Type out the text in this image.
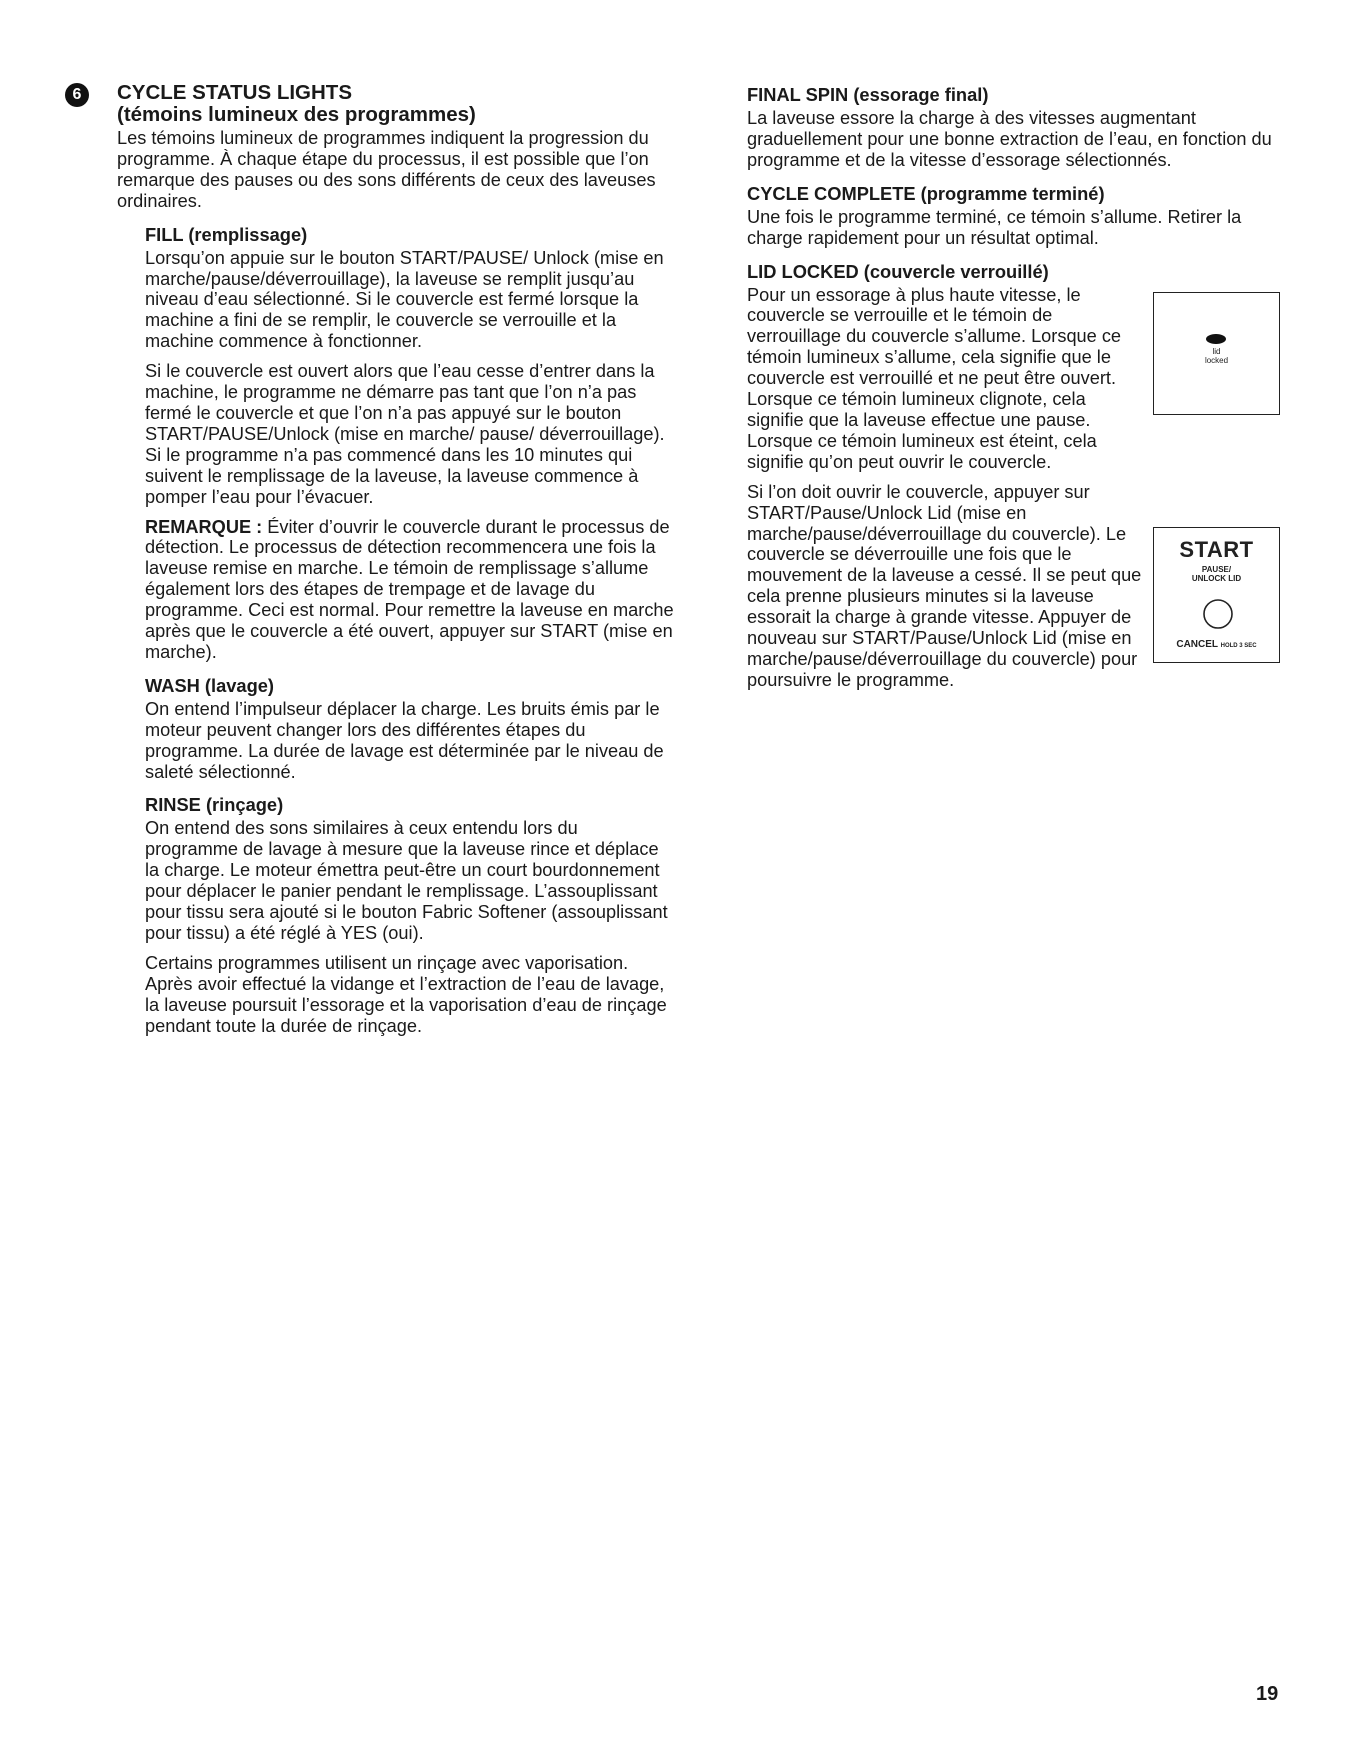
6	CYCLE STATUS LIGHTS
(témoins lumineux des programmes)

Les témoins lumineux de programmes indiquent la progression du programme. À chaque étape du processus, il est possible que l’on remarque des pauses ou des sons différents de ceux des laveuses ordinaires.

FILL (remplissage)

Lorsqu’on appuie sur le bouton START/PAUSE/ Unlock (mise en marche/pause/déverrouillage), la laveuse se remplit jusqu’au niveau d’eau sélectionné. Si le couvercle est fermé lorsque la machine a fini de se remplir, le couvercle se verrouille et la machine commence à fonctionner.

Si le couvercle est ouvert alors que l’eau cesse d’entrer dans la machine, le programme ne démarre pas tant que l’on n’a pas fermé le couvercle et que l’on n’a pas appuyé sur le bouton START/PAUSE/Unlock (mise en marche/ pause/ déverrouillage). Si le programme n’a pas commencé dans les 10 minutes qui suivent le remplissage de la laveuse, la laveuse commence à pomper l’eau pour l’évacuer.

REMARQUE : Éviter d’ouvrir le couvercle durant le processus de détection. Le processus de détection recommencera une fois la laveuse remise en marche. Le témoin de remplissage s’allume également lors des étapes de trempage et de lavage du programme. Ceci est normal. Pour remettre la laveuse en marche après que le couvercle a été ouvert, appuyer sur START (mise en marche).

WASH (lavage)

On entend l’impulseur déplacer la charge. Les bruits émis par le moteur peuvent changer lors des différentes étapes du programme. La durée de lavage est déterminée par le niveau de saleté sélectionné.

RINSE (rinçage)

On entend des sons similaires à ceux entendu lors du programme de lavage à mesure que la laveuse rince et déplace la charge. Le moteur émettra peut-être un court bourdonnement pour déplacer le panier pendant le remplissage. L’assouplissant pour tissu sera ajouté si le bouton Fabric Softener (assouplissant pour tissu) a été réglé à YES (oui).

Certains programmes utilisent un rinçage avec vaporisation. Après avoir effectué la vidange et l’extraction de l’eau de lavage, la laveuse poursuit l’essorage et la vaporisation d’eau de rinçage pendant toute la durée de rinçage.

FINAL SPIN (essorage final)

La laveuse essore la charge à des vitesses augmentant graduellement pour une bonne extraction de l’eau, en fonction du programme et de la vitesse d’essorage sélectionnés.

CYCLE COMPLETE (programme terminé)

Une fois le programme terminé, ce témoin s’allume. Retirer la charge rapidement pour un résultat optimal.

LID LOCKED (couvercle verrouillé)

Pour un essorage à plus haute vitesse, le couvercle se verrouille et le témoin de verrouillage du couvercle s’allume. Lorsque ce témoin lumineux s’allume, cela signifie que le couvercle est verrouillé et ne peut être ouvert. Lorsque ce témoin lumineux clignote, cela signifie que la laveuse effectue une pause. Lorsque ce témoin lumineux est éteint, cela signifie qu’on peut ouvrir le couvercle.

Si l’on doit ouvrir le couvercle, appuyer sur START/Pause/Unlock Lid (mise en marche/pause/déverrouillage du couvercle). Le couvercle se déverrouille une fois que le mouvement de la laveuse a cessé. Il se peut que cela prenne plusieurs minutes si la laveuse essorait la charge à grande vitesse. Appuyer de nouveau sur START/Pause/Unlock Lid (mise en marche/pause/déverrouillage du couvercle) pour poursuivre le programme.

lid
locked
START
PAUSE/
UNLOCK LID
CANCEL HOLD 3 SEC
19
